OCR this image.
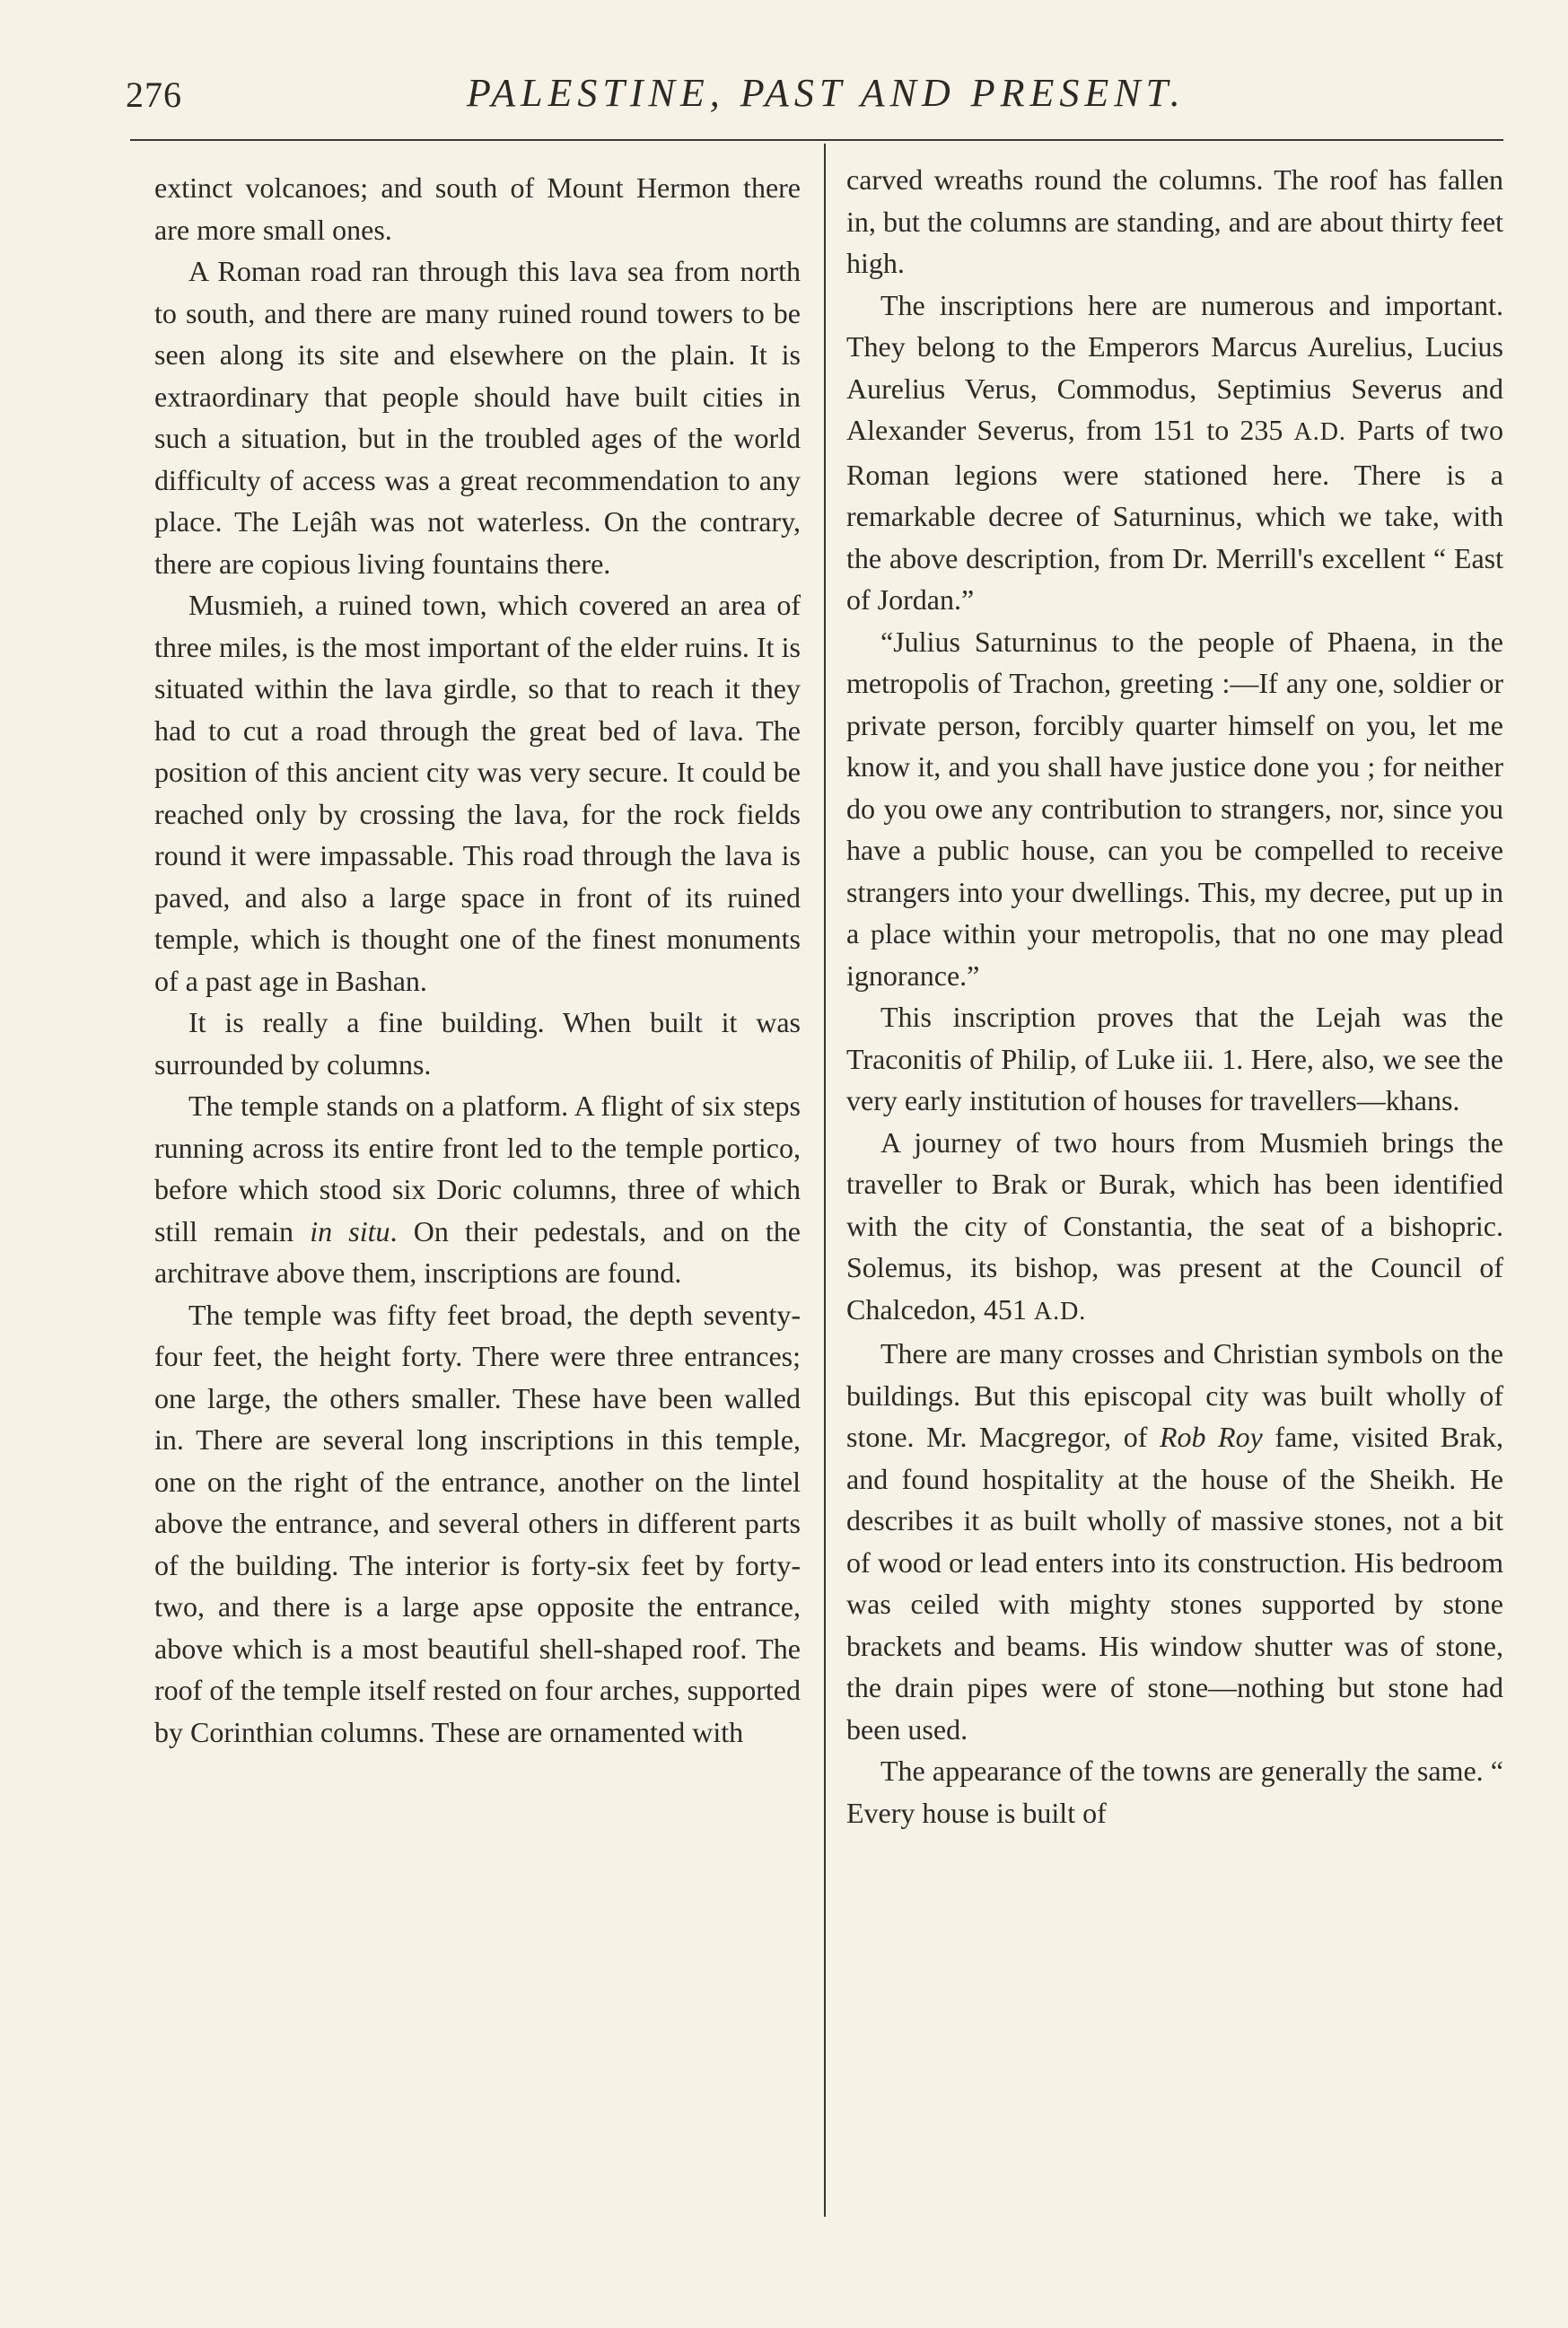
276	PALESTINE, PAST AND PRESENT.

extinct volcanoes; and south of Mount Hermon there are more small ones.

A Roman road ran through this lava sea from north to south, and there are many ruined round towers to be seen along its site and elsewhere on the plain. It is extraordinary that people should have built cities in such a situation, but in the troubled ages of the world difficulty of access was a great recommendation to any place. The Lejâh was not waterless. On the contrary, there are copious living fountains there.

Musmieh, a ruined town, which covered an area of three miles, is the most important of the elder ruins. It is situated within the lava girdle, so that to reach it they had to cut a road through the great bed of lava. The position of this ancient city was very secure. It could be reached only by crossing the lava, for the rock fields round it were impassable. This road through the lava is paved, and also a large space in front of its ruined temple, which is thought one of the finest monuments of a past age in Bashan.

It is really a fine building. When built it was surrounded by columns.

The temple stands on a platform. A flight of six steps running across its entire front led to the temple portico, before which stood six Doric columns, three of which still remain in situ. On their pedestals, and on the architrave above them, inscriptions are found.

The temple was fifty feet broad, the depth seventy-four feet, the height forty. There were three entrances; one large, the others smaller. These have been walled in. There are several long inscriptions in this temple, one on the right of the entrance, another on the lintel above the entrance, and several others in different parts of the building. The interior is forty-six feet by forty-two, and there is a large apse opposite the entrance, above which is a most beautiful shell-shaped roof. The roof of the temple itself rested on four arches, supported by Corinthian columns. These are ornamented with

carved wreaths round the columns. The roof has fallen in, but the columns are standing, and are about thirty feet high.

The inscriptions here are numerous and important. They belong to the Emperors Marcus Aurelius, Lucius Aurelius Verus, Commodus, Septimius Severus and Alexander Severus, from 151 to 235 A.D. Parts of two Roman legions were stationed here. There is a remarkable decree of Saturninus, which we take, with the above description, from Dr. Merrill's excellent “ East of Jordan.”

“Julius Saturninus to the people of Phaena, in the metropolis of Trachon, greeting :—If any one, soldier or private person, forcibly quarter himself on you, let me know it, and you shall have justice done you ; for neither do you owe any contribution to strangers, nor, since you have a public house, can you be compelled to receive strangers into your dwellings. This, my decree, put up in a place within your metropolis, that no one may plead ignorance.”

This inscription proves that the Lejah was the Traconitis of Philip, of Luke iii. 1. Here, also, we see the very early institution of houses for travellers—khans.

A journey of two hours from Musmieh brings the traveller to Brak or Burak, which has been identified with the city of Constantia, the seat of a bishopric. Solemus, its bishop, was present at the Council of Chalcedon, 451 A.D.

There are many crosses and Christian symbols on the buildings. But this episcopal city was built wholly of stone. Mr. Macgregor, of Rob Roy fame, visited Brak, and found hospitality at the house of the Sheikh. He describes it as built wholly of massive stones, not a bit of wood or lead enters into its construction. His bedroom was ceiled with mighty stones supported by stone brackets and beams. His window shutter was of stone, the drain pipes were of stone—nothing but stone had been used.

The appearance of the towns are generally the same. “ Every house is built of
